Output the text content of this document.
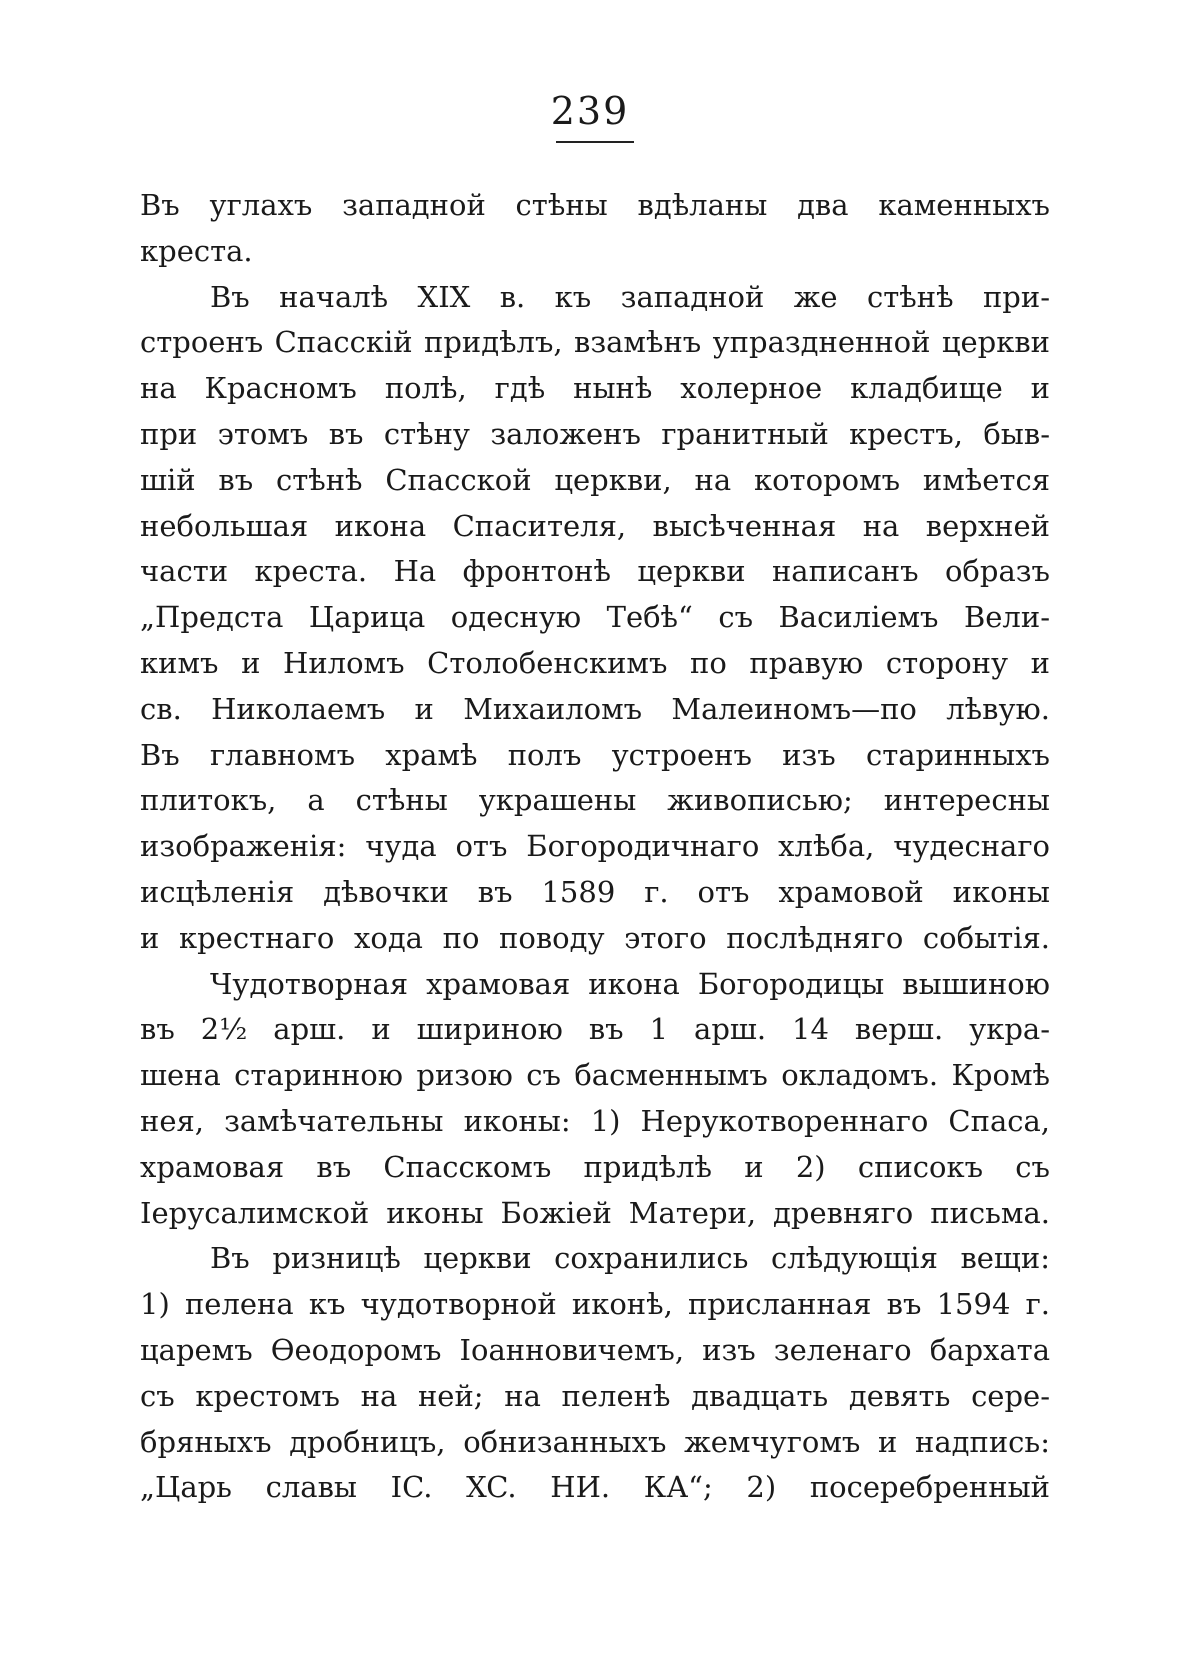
239
Въ углахъ западной стѣны вдѣланы два каменныхъ
креста.
Въ началѣ XIX в. къ западной же стѣнѣ при-
строенъ Спасскій придѣлъ, взамѣнъ упраздненной церкви
на Красномъ полѣ, гдѣ нынѣ холерное кладбище и
при этомъ въ стѣну заложенъ гранитный крестъ, быв-
шій въ стѣнѣ Спасской церкви, на которомъ имѣется
небольшая икона Спасителя, высѣченная на верхней
части креста. На фронтонѣ церкви написанъ образъ
„Предста Царица одесную Тебѣ“ съ Василіемъ Вели-
кимъ и Ниломъ Столобенскимъ по правую сторону и
св. Николаемъ и Михаиломъ Малеиномъ—по лѣвую.
Въ главномъ храмѣ полъ устроенъ изъ старинныхъ
плитокъ, а стѣны украшены живописью; интересны
изображенія: чуда отъ Богородичнаго хлѣба, чудеснаго
исцѣленія дѣвочки въ 1589 г. отъ храмовой иконы
и крестнаго хода по поводу этого послѣдняго событія.
Чудотворная храмовая икона Богородицы вышиною
въ 2½ арш. и шириною въ 1 арш. 14 верш. укра-
шена старинною ризою съ басменнымъ окладомъ. Кромѣ
нея, замѣчательны иконы: 1) Нерукотвореннаго Спаса,
храмовая въ Спасскомъ придѣлѣ и 2) списокъ съ
Іерусалимской иконы Божіей Матери, древняго письма.
Въ ризницѣ церкви сохранились слѣдующія вещи:
1) пелена къ чудотворной иконѣ, присланная въ 1594 г.
царемъ Ѳеодоромъ Іоанновичемъ, изъ зеленаго бархата
съ крестомъ на ней; на пеленѣ двадцать девять сере-
бряныхъ дробницъ, обнизанныхъ жемчугомъ и надпись:
„Царь славы IC. XC. НИ. КА“; 2) посеребренный
